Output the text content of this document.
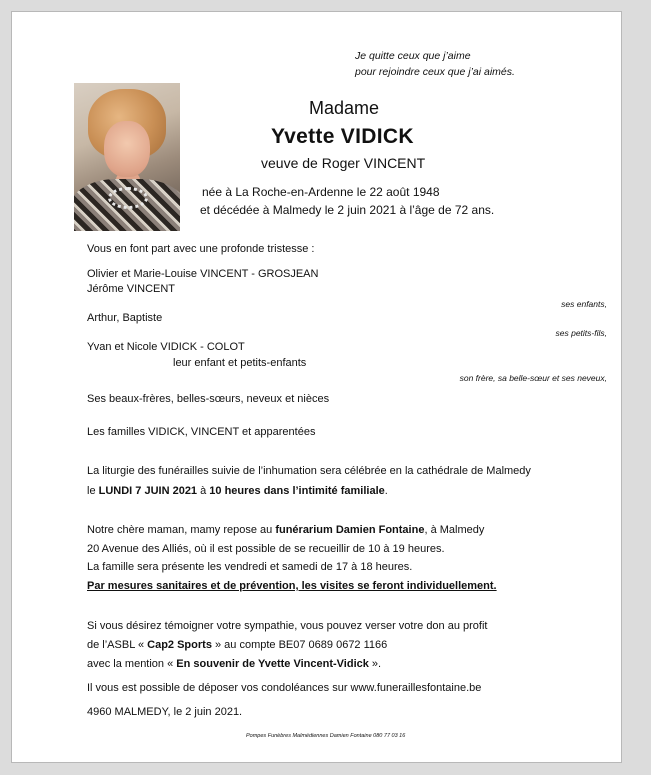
Je quitte ceux que j’aime
pour rejoindre ceux que j’ai aimés.
Madame
Yvette VIDICK
veuve de Roger VINCENT
née à La Roche-en-Ardenne le 22 août 1948
et décédée à Malmedy le 2 juin 2021 à l’âge de 72 ans.
Vous en font part avec une profonde tristesse :
Olivier et Marie-Louise VINCENT - GROSJEAN
Jérôme VINCENT
ses enfants,
Arthur, Baptiste
ses petits-fils,
Yvan et Nicole VIDICK - COLOT
leur enfant et petits-enfants
son frère, sa belle-sœur et ses neveux,
Ses beaux-frères, belles-sœurs, neveux et nièces
Les familles VIDICK, VINCENT et apparentées
La liturgie des funérailles suivie de l’inhumation sera célébrée en la cathédrale de Malmedy
le LUNDI 7 JUIN 2021 à 10 heures dans l’intimité familiale.
Notre chère maman, mamy repose au funérarium Damien Fontaine, à Malmedy
20 Avenue des Alliés, où il est possible de se recueillir de 10 à 19 heures.
La famille sera présente les vendredi et samedi de 17 à 18 heures.
Par mesures sanitaires et de prévention, les visites se feront individuellement.
Si vous désirez témoigner votre sympathie, vous pouvez verser votre don au profit
de l’ASBL « Cap2 Sports » au compte BE07 0689 0672 1166
avec la mention « En souvenir de Yvette Vincent-Vidick ».
Il vous est possible de déposer vos condoléances sur www.funeraillesfontaine.be
4960 MALMEDY, le 2 juin 2021.
Pompes Funèbres Malmédiennes Damien Fontaine 080 77 03 16
